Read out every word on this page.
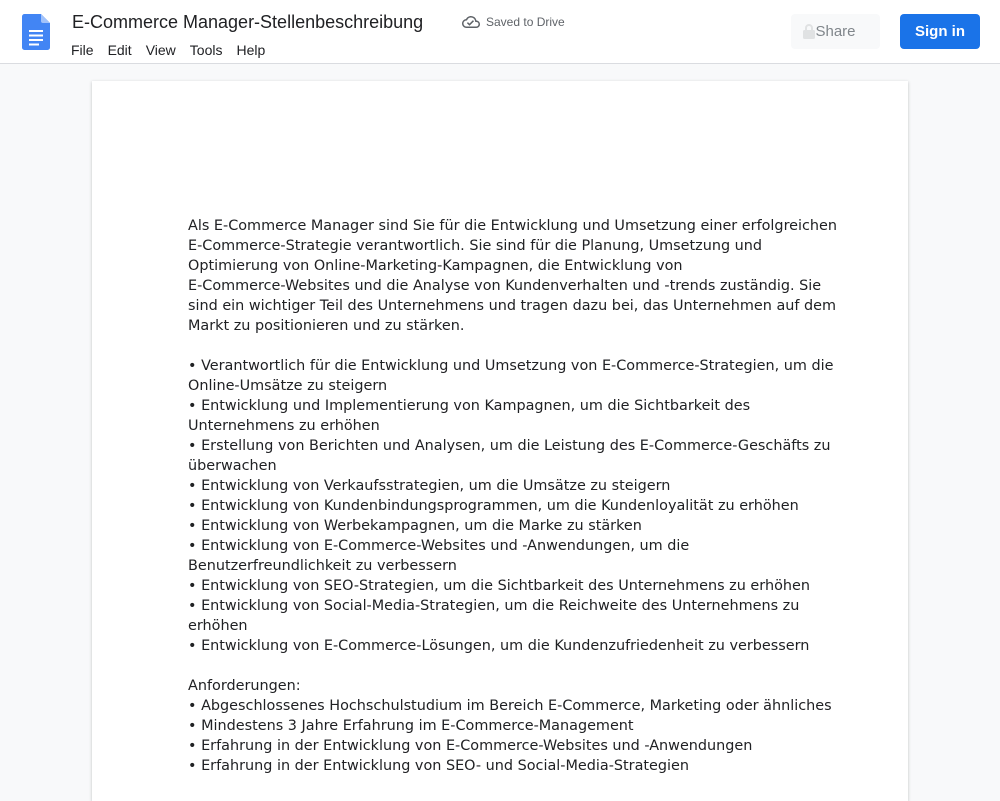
E-Commerce Manager-Stellenbeschreibung	Saved to Drive
File	Edit	View	Tools	Help
Share	Sign in
Als E-Commerce Manager sind Sie für die Entwicklung und Umsetzung einer erfolgreichen
E-Commerce-Strategie verantwortlich. Sie sind für die Planung, Umsetzung und
Optimierung von Online-Marketing-Kampagnen, die Entwicklung von
E-Commerce-Websites und die Analyse von Kundenverhalten und -trends zuständig. Sie
sind ein wichtiger Teil des Unternehmens und tragen dazu bei, das Unternehmen auf dem
Markt zu positionieren und zu stärken.
• Verantwortlich für die Entwicklung und Umsetzung von E-Commerce-Strategien, um die
Online-Umsätze zu steigern
• Entwicklung und Implementierung von Kampagnen, um die Sichtbarkeit des
Unternehmens zu erhöhen
• Erstellung von Berichten und Analysen, um die Leistung des E-Commerce-Geschäfts zu
überwachen
• Entwicklung von Verkaufsstrategien, um die Umsätze zu steigern
• Entwicklung von Kundenbindungsprogrammen, um die Kundenloyalität zu erhöhen
• Entwicklung von Werbekampagnen, um die Marke zu stärken
• Entwicklung von E-Commerce-Websites und -Anwendungen, um die
Benutzerfreundlichkeit zu verbessern
• Entwicklung von SEO-Strategien, um die Sichtbarkeit des Unternehmens zu erhöhen
• Entwicklung von Social-Media-Strategien, um die Reichweite des Unternehmens zu
erhöhen
• Entwicklung von E-Commerce-Lösungen, um die Kundenzufriedenheit zu verbessern
Anforderungen:
• Abgeschlossenes Hochschulstudium im Bereich E-Commerce, Marketing oder ähnliches
• Mindestens 3 Jahre Erfahrung im E-Commerce-Management
• Erfahrung in der Entwicklung von E-Commerce-Websites und -Anwendungen
• Erfahrung in der Entwicklung von SEO- und Social-Media-Strategien
